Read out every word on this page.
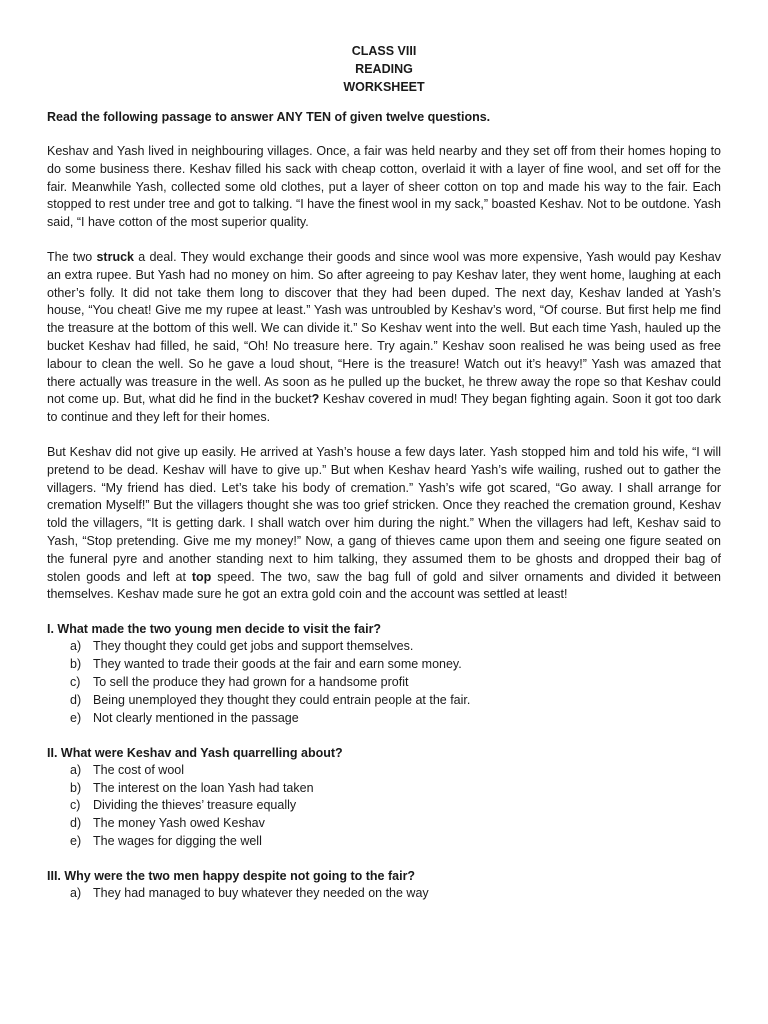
CLASS VIII
READING
WORKSHEET
Read the following passage to answer ANY TEN of given twelve questions.
Keshav and Yash lived in neighbouring villages. Once, a fair was held nearby and they set off from their homes hoping to do some business there. Keshav filled his sack with cheap cotton, overlaid it with a layer of fine wool, and set off for the fair. Meanwhile Yash, collected some old clothes, put a layer of sheer cotton on top and made his way to the fair. Each stopped to rest under tree and got to talking. “I have the finest wool in my sack,” boasted Keshav. Not to be outdone. Yash said, “I have cotton of the most superior quality.
The two struck a deal. They would exchange their goods and since wool was more expensive, Yash would pay Keshav an extra rupee. But Yash had no money on him. So after agreeing to pay Keshav later, they went home, laughing at each other’s folly. It did not take them long to discover that they had been duped. The next day, Keshav landed at Yash’s house, “You cheat! Give me my rupee at least.” Yash was untroubled by Keshav’s word, “Of course. But first help me find the treasure at the bottom of this well. We can divide it.” So Keshav went into the well. But each time Yash, hauled up the bucket Keshav had filled, he said, “Oh! No treasure here. Try again.” Keshav soon realised he was being used as free labour to clean the well. So he gave a loud shout, “Here is the treasure! Watch out it’s heavy!” Yash was amazed that there actually was treasure in the well. As soon as he pulled up the bucket, he threw away the rope so that Keshav could not come up. But, what did he find in the bucket? Keshav covered in mud! They began fighting again. Soon it got too dark to continue and they left for their homes.
But Keshav did not give up easily. He arrived at Yash’s house a few days later. Yash stopped him and told his wife, “I will pretend to be dead. Keshav will have to give up.” But when Keshav heard Yash’s wife wailing, rushed out to gather the villagers. “My friend has died. Let’s take his body of cremation.” Yash’s wife got scared, “Go away. I shall arrange for cremation Myself!” But the villagers thought she was too grief stricken. Once they reached the cremation ground, Keshav told the villagers, “It is getting dark. I shall watch over him during the night.” When the villagers had left, Keshav said to Yash, “Stop pretending. Give me my money!” Now, a gang of thieves came upon them and seeing one figure seated on the funeral pyre and another standing next to him talking, they assumed them to be ghosts and dropped their bag of stolen goods and left at top speed. The two, saw the bag full of gold and silver ornaments and divided it between themselves. Keshav made sure he got an extra gold coin and the account was settled at least!
I. What made the two young men decide to visit the fair?
a) They thought they could get jobs and support themselves.
b) They wanted to trade their goods at the fair and earn some money.
c)	To sell the produce they had grown for a handsome profit
d) Being unemployed they thought they could entrain people at the fair.
e) Not clearly mentioned in the passage
II. What were Keshav and Yash quarrelling about?
a) The cost of wool
b) The interest on the loan Yash had taken
c)	Dividing the thieves’ treasure equally
d) The money Yash owed Keshav
e) The wages for digging the well
III. Why were the two men happy despite not going to the fair?
a) They had managed to buy whatever they needed on the way
